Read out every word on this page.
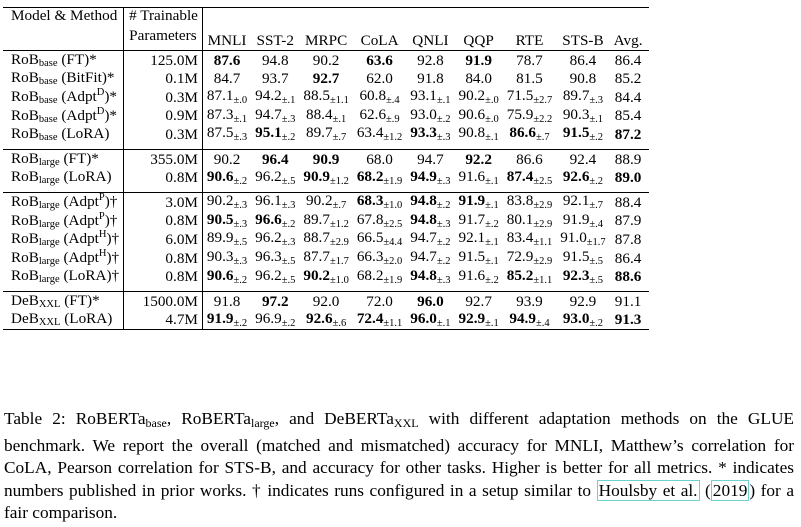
Model & Method	# Trainable									
	Parameters	MNLI	SST-2	MRPC	CoLA	QNLI	QQP	RTE	STS-B	Avg.
RoBbase (FT)*	125.0M	87.6	94.8	90.2	63.6	92.8	91.9	78.7	86.4	86.4
RoBbase (BitFit)*	0.1M	84.7	93.7	92.7	62.0	91.8	84.0	81.5	90.8	85.2
RoBbase (Adpt$^D$)*	0.3M	87.1±.0	94.2±.1	88.5±1.1	60.8±.4	93.1±.1	90.2±.0	71.5±2.7	89.7±.3	84.4
RoBbase (Adpt$^D$)*	0.9M	87.3±.1	94.7±.3	88.4±.1	62.6±.9	93.0±.2	90.6±.0	75.9±2.2	90.3±.1	85.4
RoBbase (LoRA)	0.3M	87.5±.3	95.1±.2	89.7±.7	63.4±1.2	93.3±.3	90.8±.1	86.6±.7	91.5±.2	87.2

RoBlarge (FT)*	355.0M	90.2	96.4	90.9	68.0	94.7	92.2	86.6	92.4	88.9
RoBlarge (LoRA)	0.8M	90.6±.2	96.2±.5	90.9±1.2	68.2±1.9	94.9±.3	91.6±.1	87.4±2.5	92.6±.2	89.0

RoBlarge (Adpt$^P$)†	3.0M	90.2±.3	96.1±.3	90.2±.7	68.3±1.0	94.8±.2	91.9±.1	83.8±2.9	92.1±.7	88.4
RoBlarge (Adpt$^P$)†	0.8M	90.5±.3	96.6±.2	89.7±1.2	67.8±2.5	94.8±.3	91.7±.2	80.1±2.9	91.9±.4	87.9
RoBlarge (Adpt$^H$)†	6.0M	89.9±.5	96.2±.3	88.7±2.9	66.5±4.4	94.7±.2	92.1±.1	83.4±1.1	91.0±1.7	87.8
RoBlarge (Adpt$^H$)†	0.8M	90.3±.3	96.3±.5	87.7±1.7	66.3±2.0	94.7±.2	91.5±.1	72.9±2.9	91.5±.5	86.4
RoBlarge (LoRA)†	0.8M	90.6±.2	96.2±.5	90.2±1.0	68.2±1.9	94.8±.3	91.6±.2	85.2±1.1	92.3±.5	88.6

DeBXXL (FT)*	1500.0M	91.8	97.2	92.0	72.0	96.0	92.7	93.9	92.9	91.1
DeBXXL (LoRA)	4.7M	91.9±.2	96.9±.2	92.6±.6	72.4±1.1	96.0±.1	92.9±.1	94.9±.4	93.0±.2	91.3
Table 2: RoBERTa$_{base}$, RoBERTa$_{large}$, and DeBERTa$_{XXL}$ with different adaptation methods on the GLUE benchmark. We report the overall (matched and mismatched) accuracy for MNLI, Matthew’s correlation for CoLA, Pearson correlation for STS-B, and accuracy for other tasks. Higher is better for all metrics. * indicates numbers published in prior works. † indicates runs configured in a setup similar to Houlsby et al. ( 2019 ) for a fair comparison.
